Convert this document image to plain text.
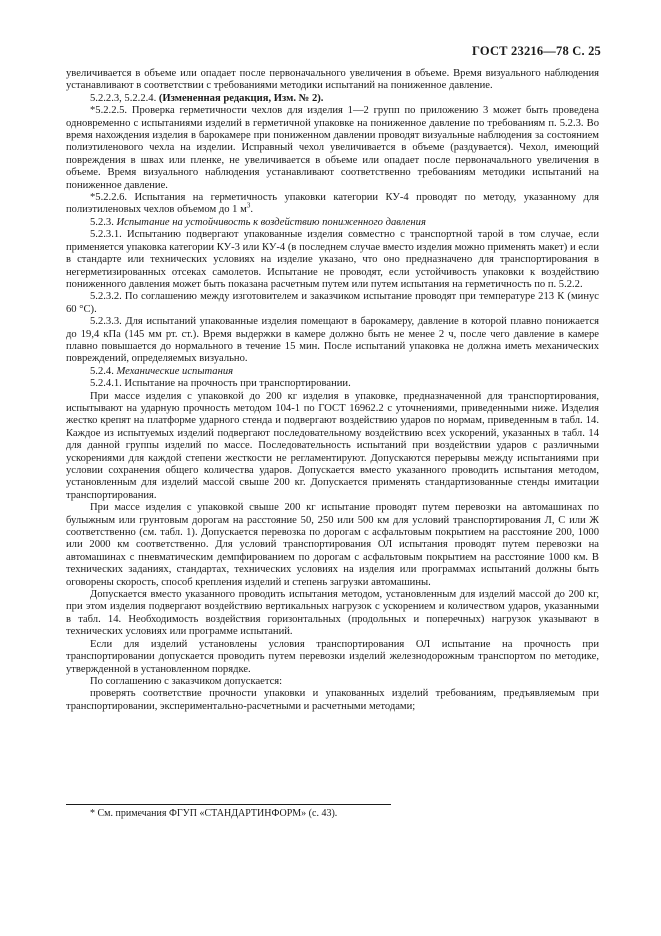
ГОСТ 23216—78 С. 25

увеличивается в объеме или опадает после первоначального увеличения в объеме. Время визуального наблюдения устанавливают в соответствии с требованиями методики испытаний на пониженное давление.

5.2.2.3, 5.2.2.4. (Измененная редакция, Изм. № 2).

*5.2.2.5. Проверка герметичности чехлов для изделия 1—2 групп по приложению 3 может быть проведена одновременно с испытаниями изделий в герметичной упаковке на пониженное давление по требованиям п. 5.2.3. Во время нахождения изделия в барокамере при пониженном давлении проводят визуальные наблюдения за состоянием полиэтиленового чехла на изделии. Исправный чехол увеличивается в объеме (раздувается). Чехол, имеющий повреждения в швах или пленке, не увеличивается в объеме или опадает после первоначального увеличения в объеме. Время визуального наблюдения устанавливают соответственно требованиям методики испытаний на пониженное давление.

*5.2.2.6. Испытания на герметичность упаковки категории КУ-4 проводят по методу, указанному для полиэтиленовых чехлов объемом до 1 $м^3$.

5.2.3. Испытание на устойчивость к воздействию пониженного давления

5.2.3.1. Испытанию подвергают упакованные изделия совместно с транспортной тарой в том случае, если применяется упаковка категории КУ-3 или КУ-4 (в последнем случае вместо изделия можно применять макет) и если в стандарте или технических условиях на изделие указано, что оно предназначено для транспортирования в негерметизированных отсеках самолетов. Испытание не проводят, если устойчивость упаковки к воздействию пониженного давления может быть показана расчетным путем или путем испытания на герметичность по п. 5.2.2.

5.2.3.2. По соглашению между изготовителем и заказчиком испытание проводят при температуре 213 К (минус 60 °С).

5.2.3.3. Для испытаний упакованные изделия помещают в барокамеру, давление в которой плавно понижается до 19,4 кПа (145 мм рт. ст.). Время выдержки в камере должно быть не менее 2 ч, после чего давление в камере плавно повышается до нормального в течение 15 мин. После испытаний упаковка не должна иметь механических повреждений, определяемых визуально.

5.2.4. Механические испытания

5.2.4.1. Испытание на прочность при транспортировании.

При массе изделия с упаковкой до 200 кг изделия в упаковке, предназначенной для транспортирования, испытывают на ударную прочность методом 104-1 по ГОСТ 16962.2 с уточнениями, приведенными ниже. Изделия жестко крепят на платформе ударного стенда и подвергают воздействию ударов по нормам, приведенным в табл. 14. Каждое из испытуемых изделий подвергают последовательному воздействию всех ускорений, указанных в табл. 14 для данной группы изделий по массе. Последовательность испытаний при воздействии ударов с различными ускорениями для каждой степени жесткости не регламентируют. Допускаются перерывы между испытаниями при условии сохранения общего количества ударов. Допускается вместо указанного проводить испытания методом, установленным для изделий массой свыше 200 кг. Допускается применять стандартизованные стенды имитации транспортирования.

При массе изделия с упаковкой свыше 200 кг испытание проводят путем перевозки на автомашинах по булыжным или грунтовым дорогам на расстояние 50, 250 или 500 км для условий транспортирования Л, С или Ж соответственно (см. табл. 1). Допускается перевозка по дорогам с асфальтовым покрытием на расстояние 200, 1000 или 2000 км соответственно. Для условий транспортирования ОЛ испытания проводят путем перевозки на автомашинах с пневматическим демпфированием по дорогам с асфальтовым покрытием на расстояние 1000 км. В технических заданиях, стандартах, технических условиях на изделия или программах испытаний должны быть оговорены скорость, способ крепления изделий и степень загрузки автомашины.

Допускается вместо указанного проводить испытания методом, установленным для изделий массой до 200 кг, при этом изделия подвергают воздействию вертикальных нагрузок с ускорением и количеством ударов, указанными в табл. 14. Необходимость воздействия горизонтальных (продольных и поперечных) нагрузок указывают в технических условиях или программе испытаний.

Если для изделий установлены условия транспортирования ОЛ испытание на прочность при транспортировании допускается проводить путем перевозки изделий железнодорожным транспортом по методике, утвержденной в установленном порядке.

По соглашению с заказчиком допускается:

проверять соответствие прочности упаковки и упакованных изделий требованиям, предъявляемым при транспортировании, экспериментально-расчетными и расчетными методами;

* См. примечания ФГУП «СТАНДАРТИНФОРМ» (с. 43).
